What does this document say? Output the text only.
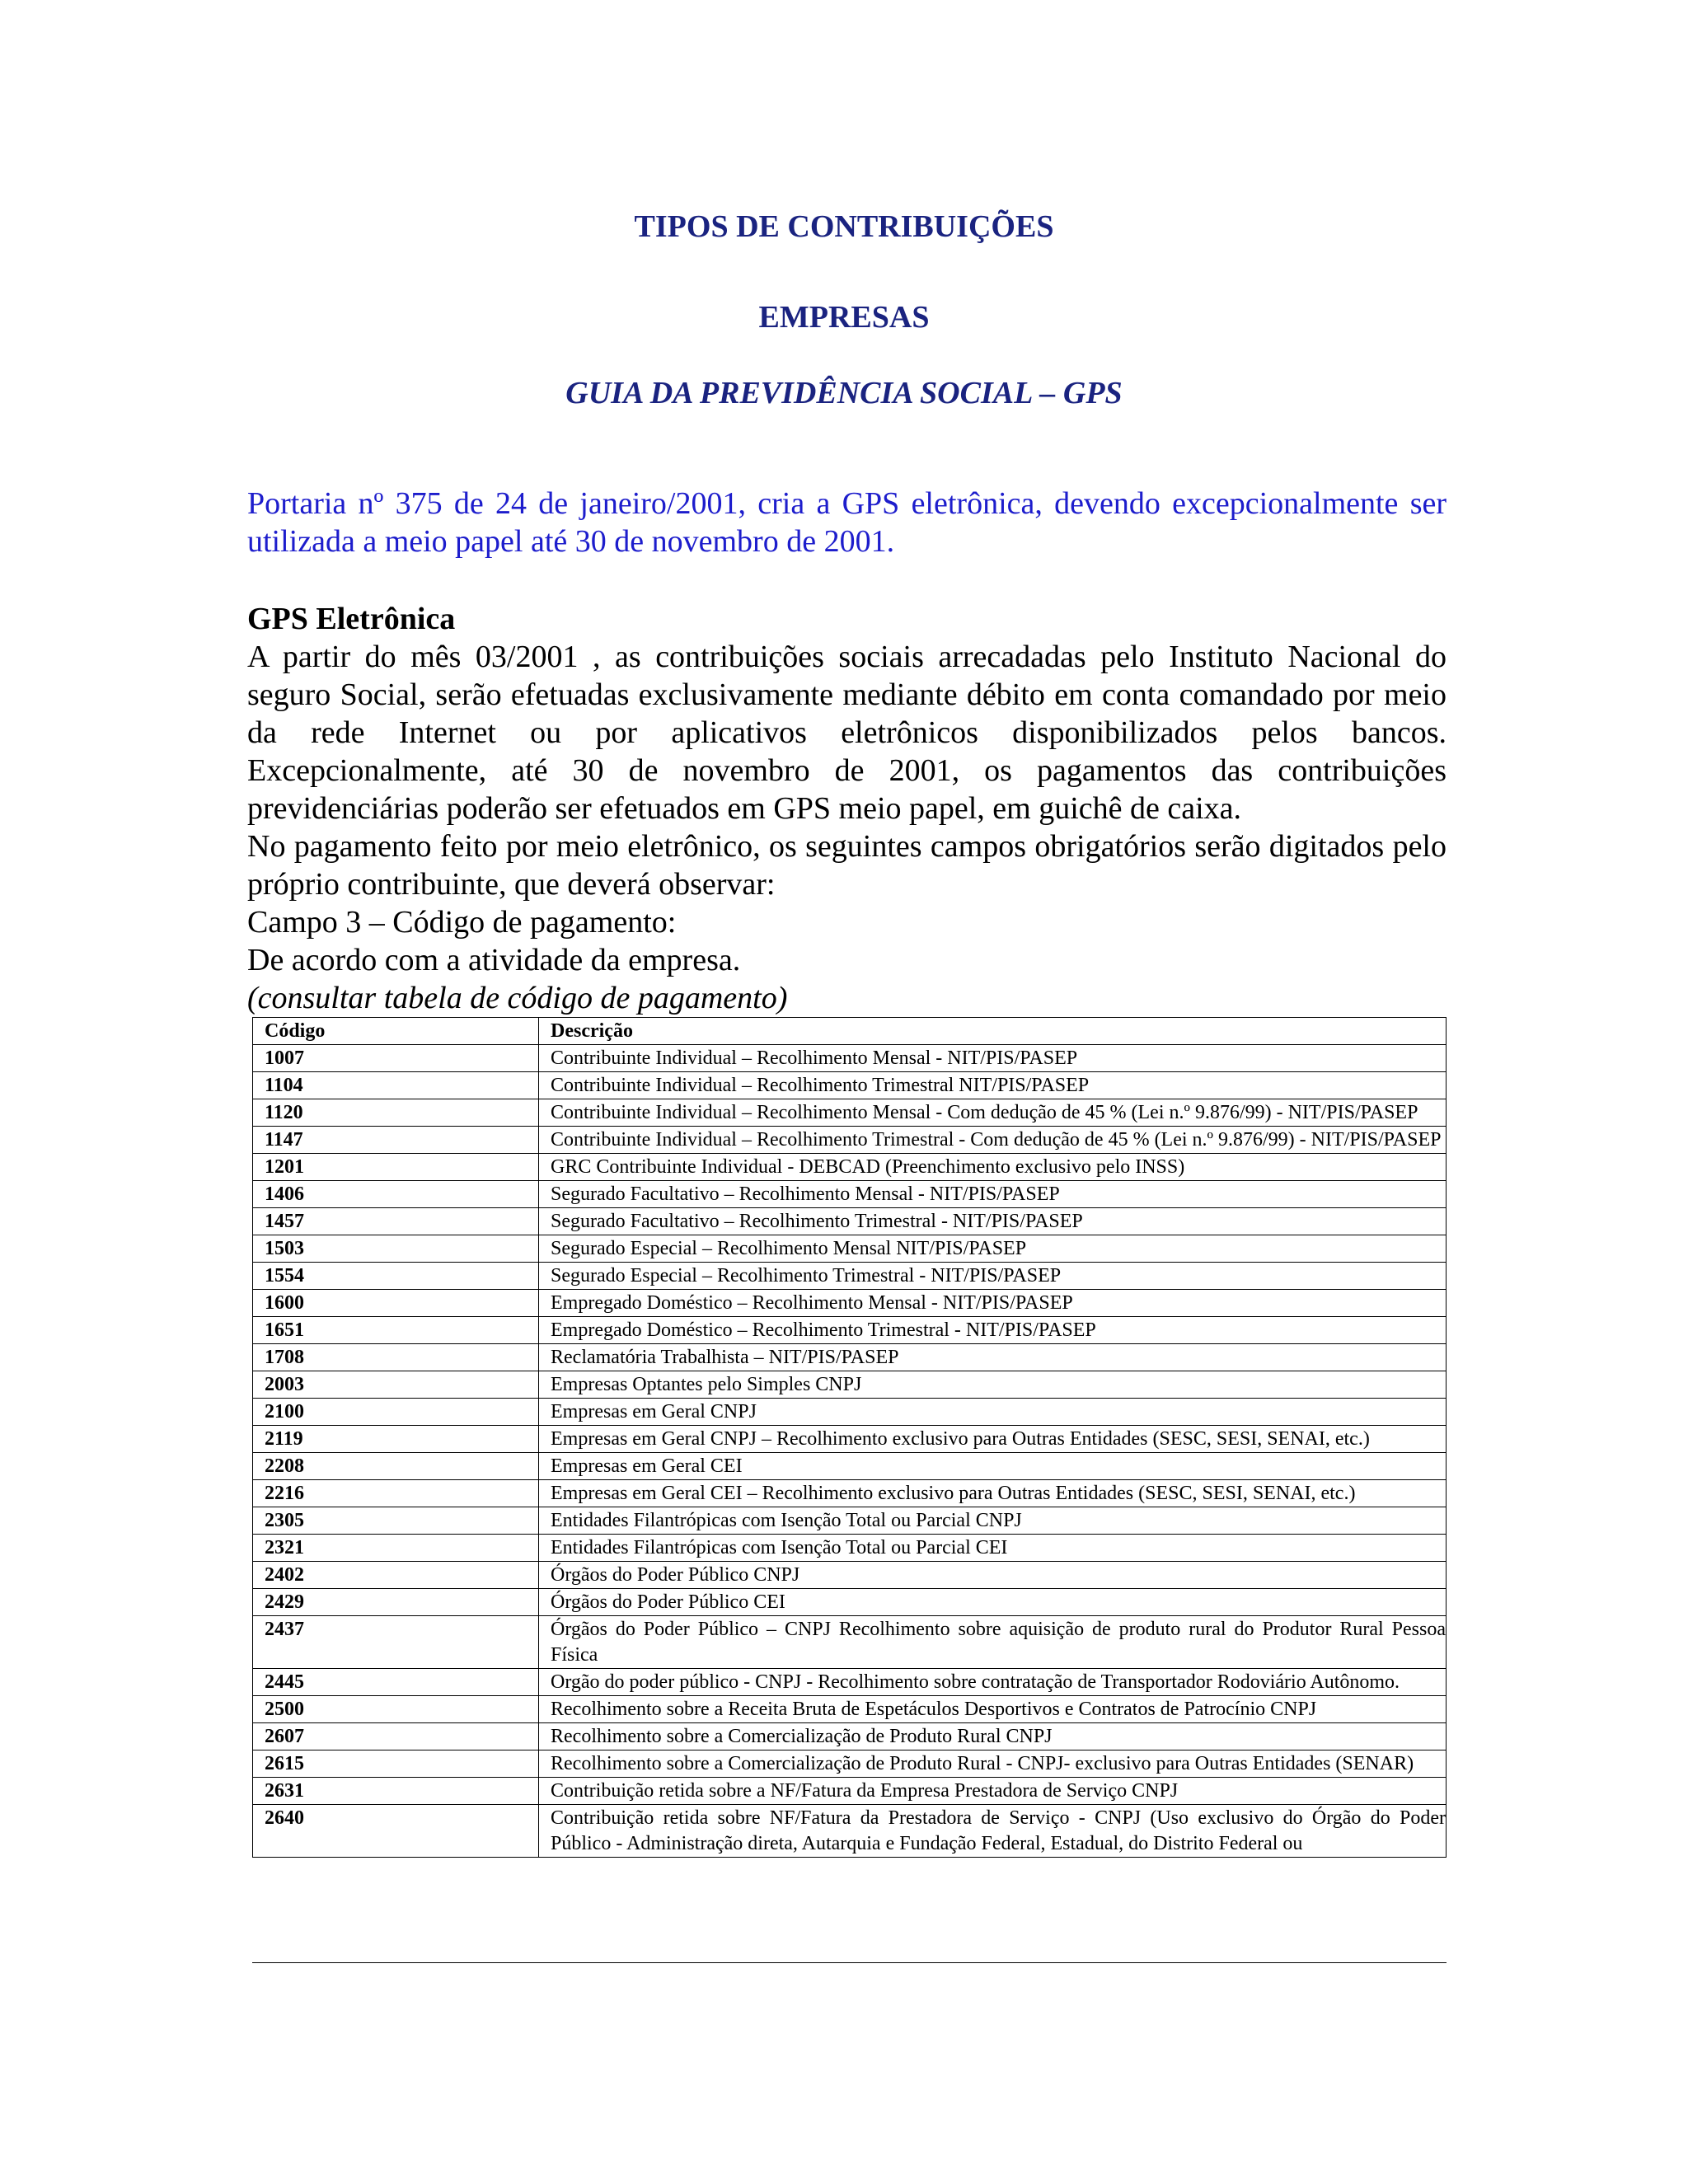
TIPOS DE CONTRIBUIÇÕES
EMPRESAS
GUIA DA PREVIDÊNCIA SOCIAL – GPS

Portaria nº 375 de 24 de janeiro/2001, cria a GPS eletrônica, devendo excepcionalmente ser utilizada a meio papel até 30 de novembro de 2001.

GPS Eletrônica

A partir do mês 03/2001 , as contribuições sociais arrecadadas pelo Instituto Nacional do seguro Social, serão efetuadas exclusivamente mediante débito em conta comandado por meio da rede Internet ou por aplicativos eletrônicos disponibilizados pelos bancos. Excepcionalmente, até 30 de novembro de 2001, os pagamentos das contribuições previdenciárias poderão ser efetuados em GPS meio papel, em guichê de caixa.

No pagamento feito por meio eletrônico, os seguintes campos obrigatórios serão digitados pelo próprio contribuinte, que deverá observar:

Campo 3 – Código de pagamento:

De acordo com a atividade da empresa.

(consultar tabela de código de pagamento)

Código	Descrição
1007	Contribuinte Individual – Recolhimento Mensal - NIT/PIS/PASEP
1104	Contribuinte Individual – Recolhimento Trimestral NIT/PIS/PASEP
1120	Contribuinte Individual – Recolhimento Mensal - Com dedução de 45 % (Lei n.º 9.876/99) - NIT/PIS/PASEP
1147	Contribuinte Individual – Recolhimento Trimestral - Com dedução de 45 % (Lei n.º 9.876/99) - NIT/PIS/PASEP
1201	GRC Contribuinte Individual - DEBCAD (Preenchimento exclusivo pelo INSS)
1406	Segurado Facultativo – Recolhimento Mensal - NIT/PIS/PASEP
1457	Segurado Facultativo – Recolhimento Trimestral - NIT/PIS/PASEP
1503	Segurado Especial – Recolhimento Mensal NIT/PIS/PASEP
1554	Segurado Especial – Recolhimento Trimestral - NIT/PIS/PASEP
1600	Empregado Doméstico – Recolhimento Mensal - NIT/PIS/PASEP
1651	Empregado Doméstico – Recolhimento Trimestral - NIT/PIS/PASEP
1708	Reclamatória Trabalhista – NIT/PIS/PASEP
2003	Empresas Optantes pelo Simples CNPJ
2100	Empresas em Geral CNPJ
2119	Empresas em Geral CNPJ – Recolhimento exclusivo para Outras Entidades (SESC, SESI, SENAI, etc.)
2208	Empresas em Geral CEI
2216	Empresas em Geral CEI – Recolhimento exclusivo para Outras Entidades (SESC, SESI, SENAI, etc.)
2305	Entidades Filantrópicas com Isenção Total ou Parcial CNPJ
2321	Entidades Filantrópicas com Isenção Total ou Parcial CEI
2402	Órgãos do Poder Público CNPJ
2429	Órgãos do Poder Público CEI
2437	Órgãos do Poder Público – CNPJ Recolhimento sobre aquisição de produto rural do Produtor Rural Pessoa Física
2445	Orgão do poder público - CNPJ - Recolhimento sobre contratação de Transportador Rodoviário Autônomo.
2500	Recolhimento sobre a Receita Bruta de Espetáculos Desportivos e Contratos de Patrocínio CNPJ
2607	Recolhimento sobre a Comercialização de Produto Rural CNPJ
2615	Recolhimento sobre a Comercialização de Produto Rural - CNPJ- exclusivo para Outras Entidades (SENAR)
2631	Contribuição retida sobre a NF/Fatura da Empresa Prestadora de Serviço CNPJ
2640	Contribuição retida sobre NF/Fatura da Prestadora de Serviço - CNPJ (Uso exclusivo do Órgão do Poder Público - Administração direta, Autarquia e Fundação Federal, Estadual, do Distrito Federal ou
